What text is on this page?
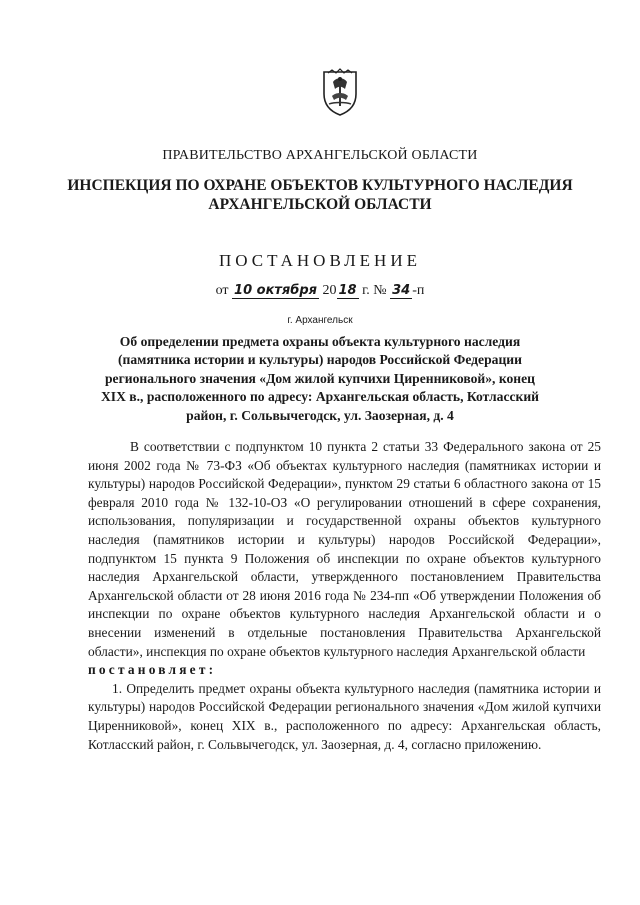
ПРАВИТЕЛЬСТВО АРХАНГЕЛЬСКОЙ ОБЛАСТИ
ИНСПЕКЦИЯ ПО ОХРАНЕ ОБЪЕКТОВ КУЛЬТУРНОГО НАСЛЕДИЯ
АРХАНГЕЛЬСКОЙ ОБЛАСТИ
ПОСТАНОВЛЕНИЕ
от 10 октября 20 18 г. № 34 -п
г. Архангельск
Об определении предмета охраны объекта культурного наследия
(памятника истории и культуры) народов Российской Федерации
регионального значения «Дом жилой купчихи Циренниковой», конец
XIX в., расположенного по адресу: Архангельская область, Котласский
район, г. Сольвычегодск, ул. Заозерная, д. 4

В соответствии с подпунктом 10 пункта 2 статьи 33 Федерального закона от 25 июня 2002 года № 73-ФЗ «Об объектах культурного наследия (памятниках истории и культуры) народов Российской Федерации», пунктом 29 статьи 6 областного закона от 15 февраля 2010 года № 132-10-ОЗ «О регулировании отношений в сфере сохранения, использования, популяризации и государственной охраны объектов культурного наследия (памятников истории и культуры) народов Российской Федерации», подпунктом 15 пункта 9 Положения об инспекции по охране объектов культурного наследия Архангельской области, утвержденного постановлением Правительства Архангельской области от 28 июня 2016 года № 234-пп «Об утверждении Положения об инспекции по охране объектов культурного наследия Архангельской области и о внесении изменений в отдельные постановления Правительства Архангельской области», инспекция по охране объектов культурного наследия Архангельской области

постановляет:

1. Определить предмет охраны объекта культурного наследия (памятника истории и культуры) народов Российской Федерации регионального значения «Дом жилой купчихи Циренниковой», конец XIX в., расположенного по адресу: Архангельская область, Котласский район, г. Сольвычегодск, ул. Заозерная, д. 4, согласно приложению.
